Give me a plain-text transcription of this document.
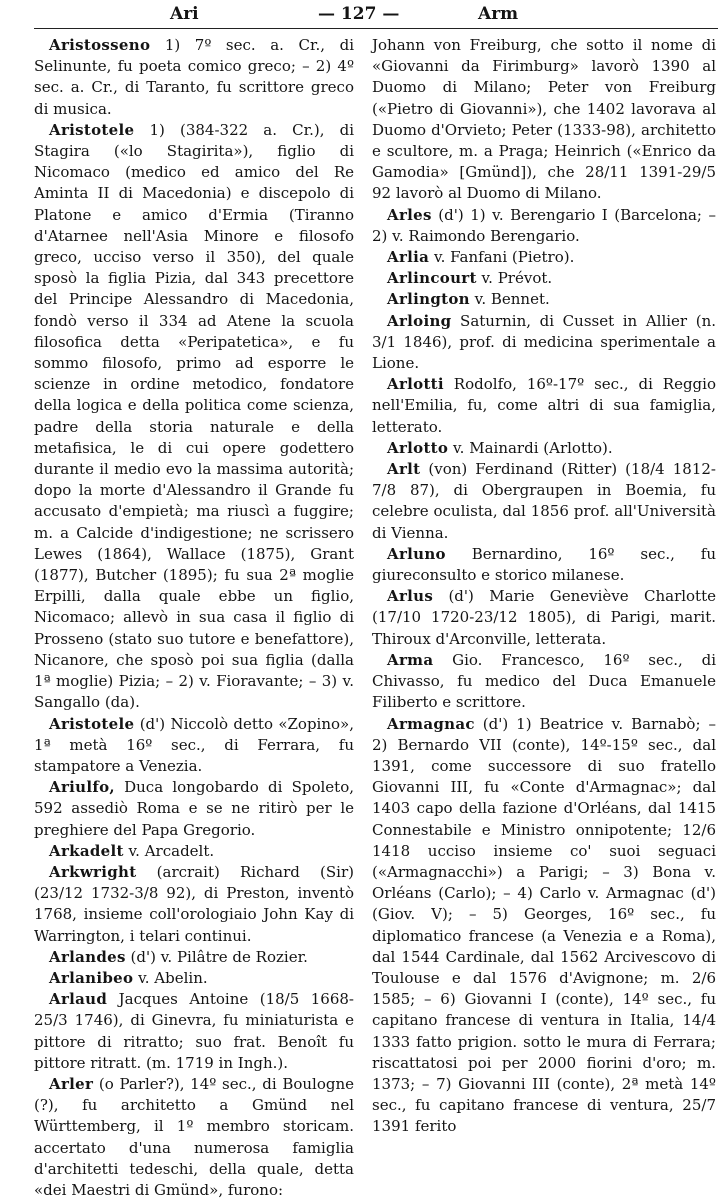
Ari	— 127 —	Arm

Aristosseno 1) 7º sec. a. Cr., di Selinunte, fu poeta comico greco; – 2) 4º sec. a. Cr., di Taranto, fu scrittore greco di musica.

Aristotele 1) (384-322 a. Cr.), di Stagira («lo Stagirita»), figlio di Nicomaco (medico ed amico del Re Aminta II di Macedonia) e discepolo di Platone e amico d'Ermia (Tiranno d'Atarnee nell'Asia Minore e filosofo greco, ucciso verso il 350), del quale sposò la figlia Pizia, dal 343 precettore del Principe Alessandro di Macedonia, fondò verso il 334 ad Atene la scuola filosofica detta «Peripatetica», e fu sommo filosofo, primo ad esporre le scienze in ordine metodico, fondatore della logica e della politica come scienza, padre della storia naturale e della metafisica, le di cui opere godettero durante il medio evo la massima autorità; dopo la morte d'Alessandro il Grande fu accusato d'empietà; ma riuscì a fuggire; m. a Calcide d'indigestione; ne scrissero Lewes (1864), Wallace (1875), Grant (1877), Butcher (1895); fu sua 2ª moglie Erpilli, dalla quale ebbe un figlio, Nicomaco; allevò in sua casa il figlio di Prosseno (stato suo tutore e benefattore), Nicanore, che sposò poi sua figlia (dalla 1ª moglie) Pizia; – 2) v. Fioravante; – 3) v. Sangallo (da).

Aristotele (d') Niccolò detto «Zopino», 1ª metà 16º sec., di Ferrara, fu stampatore a Venezia.

Ariulfo, Duca longobardo di Spoleto, 592 assediò Roma e se ne ritirò per le preghiere del Papa Gregorio.

Arkadelt v. Arcadelt.

Arkwright (arcrait) Richard (Sir) (23/12 1732-3/8 92), di Preston, inventò 1768, insieme coll'orologiaio John Kay di Warrington, i telari continui.

Arlandes (d') v. Pilâtre de Rozier.

Arlanibeo v. Abelin.

Arlaud Jacques Antoine (18/5 1668-25/3 1746), di Ginevra, fu miniaturista e pittore di ritratto; suo frat. Benoît fu pittore ritratt. (m. 1719 in Ingh.).

Arler (o Parler?), 14º sec., di Boulogne (?), fu architetto a Gmünd nel Württemberg, il 1º membro storicam. accertato d'una numerosa famiglia d'architetti tedeschi, della quale, detta «dei Maestri di Gmünd», furono:

Johann von Freiburg, che sotto il nome di «Giovanni da Firimburg» lavorò 1390 al Duomo di Milano; Peter von Freiburg («Pietro di Giovanni»), che 1402 lavorava al Duomo d'Orvieto; Peter (1333-98), architetto e scultore, m. a Praga; Heinrich («Enrico da Gamodia» [Gmünd]), che 28/11 1391-29/5 92 lavorò al Duomo di Milano.

Arles (d') 1) v. Berengario I (Barcelona; – 2) v. Raimondo Berengario.

Arlia v. Fanfani (Pietro).

Arlincourt v. Prévot.

Arlington v. Bennet.

Arloing Saturnin, di Cusset in Allier (n. 3/1 1846), prof. di medicina sperimentale a Lione.

Arlotti Rodolfo, 16º-17º sec., di Reggio nell'Emilia, fu, come altri di sua famiglia, letterato.

Arlotto v. Mainardi (Arlotto).

Arlt (von) Ferdinand (Ritter) (18/4 1812-7/8 87), di Obergraupen in Boemia, fu celebre oculista, dal 1856 prof. all'Università di Vienna.

Arluno Bernardino, 16º sec., fu giureconsulto e storico milanese.

Arlus (d') Marie Geneviève Charlotte (17/10 1720-23/12 1805), di Parigi, marit. Thiroux d'Arconville, letterata.

Arma Gio. Francesco, 16º sec., di Chivasso, fu medico del Duca Emanuele Filiberto e scrittore.

Armagnac (d') 1) Beatrice v. Barnabò; – 2) Bernardo VII (conte), 14º-15º sec., dal 1391, come successore di suo fratello Giovanni III, fu «Conte d'Armagnac»; dal 1403 capo della fazione d'Orléans, dal 1415 Connestabile e Ministro onnipotente; 12/6 1418 ucciso insieme co' suoi seguaci («Armagnacchi») a Parigi; – 3) Bona v. Orléans (Carlo); – 4) Carlo v. Armagnac (d') (Giov. V); – 5) Georges, 16º sec., fu diplomatico francese (a Venezia e a Roma), dal 1544 Cardinale, dal 1562 Arcivescovo di Toulouse e dal 1576 d'Avignone; m. 2/6 1585; – 6) Giovanni I (conte), 14º sec., fu capitano francese di ventura in Italia, 14/4 1333 fatto prigion. sotto le mura di Ferrara; riscattatosi poi per 2000 fiorini d'oro; m. 1373; – 7) Giovanni III (conte), 2ª metà 14º sec., fu capitano francese di ventura, 25/7 1391 ferito
